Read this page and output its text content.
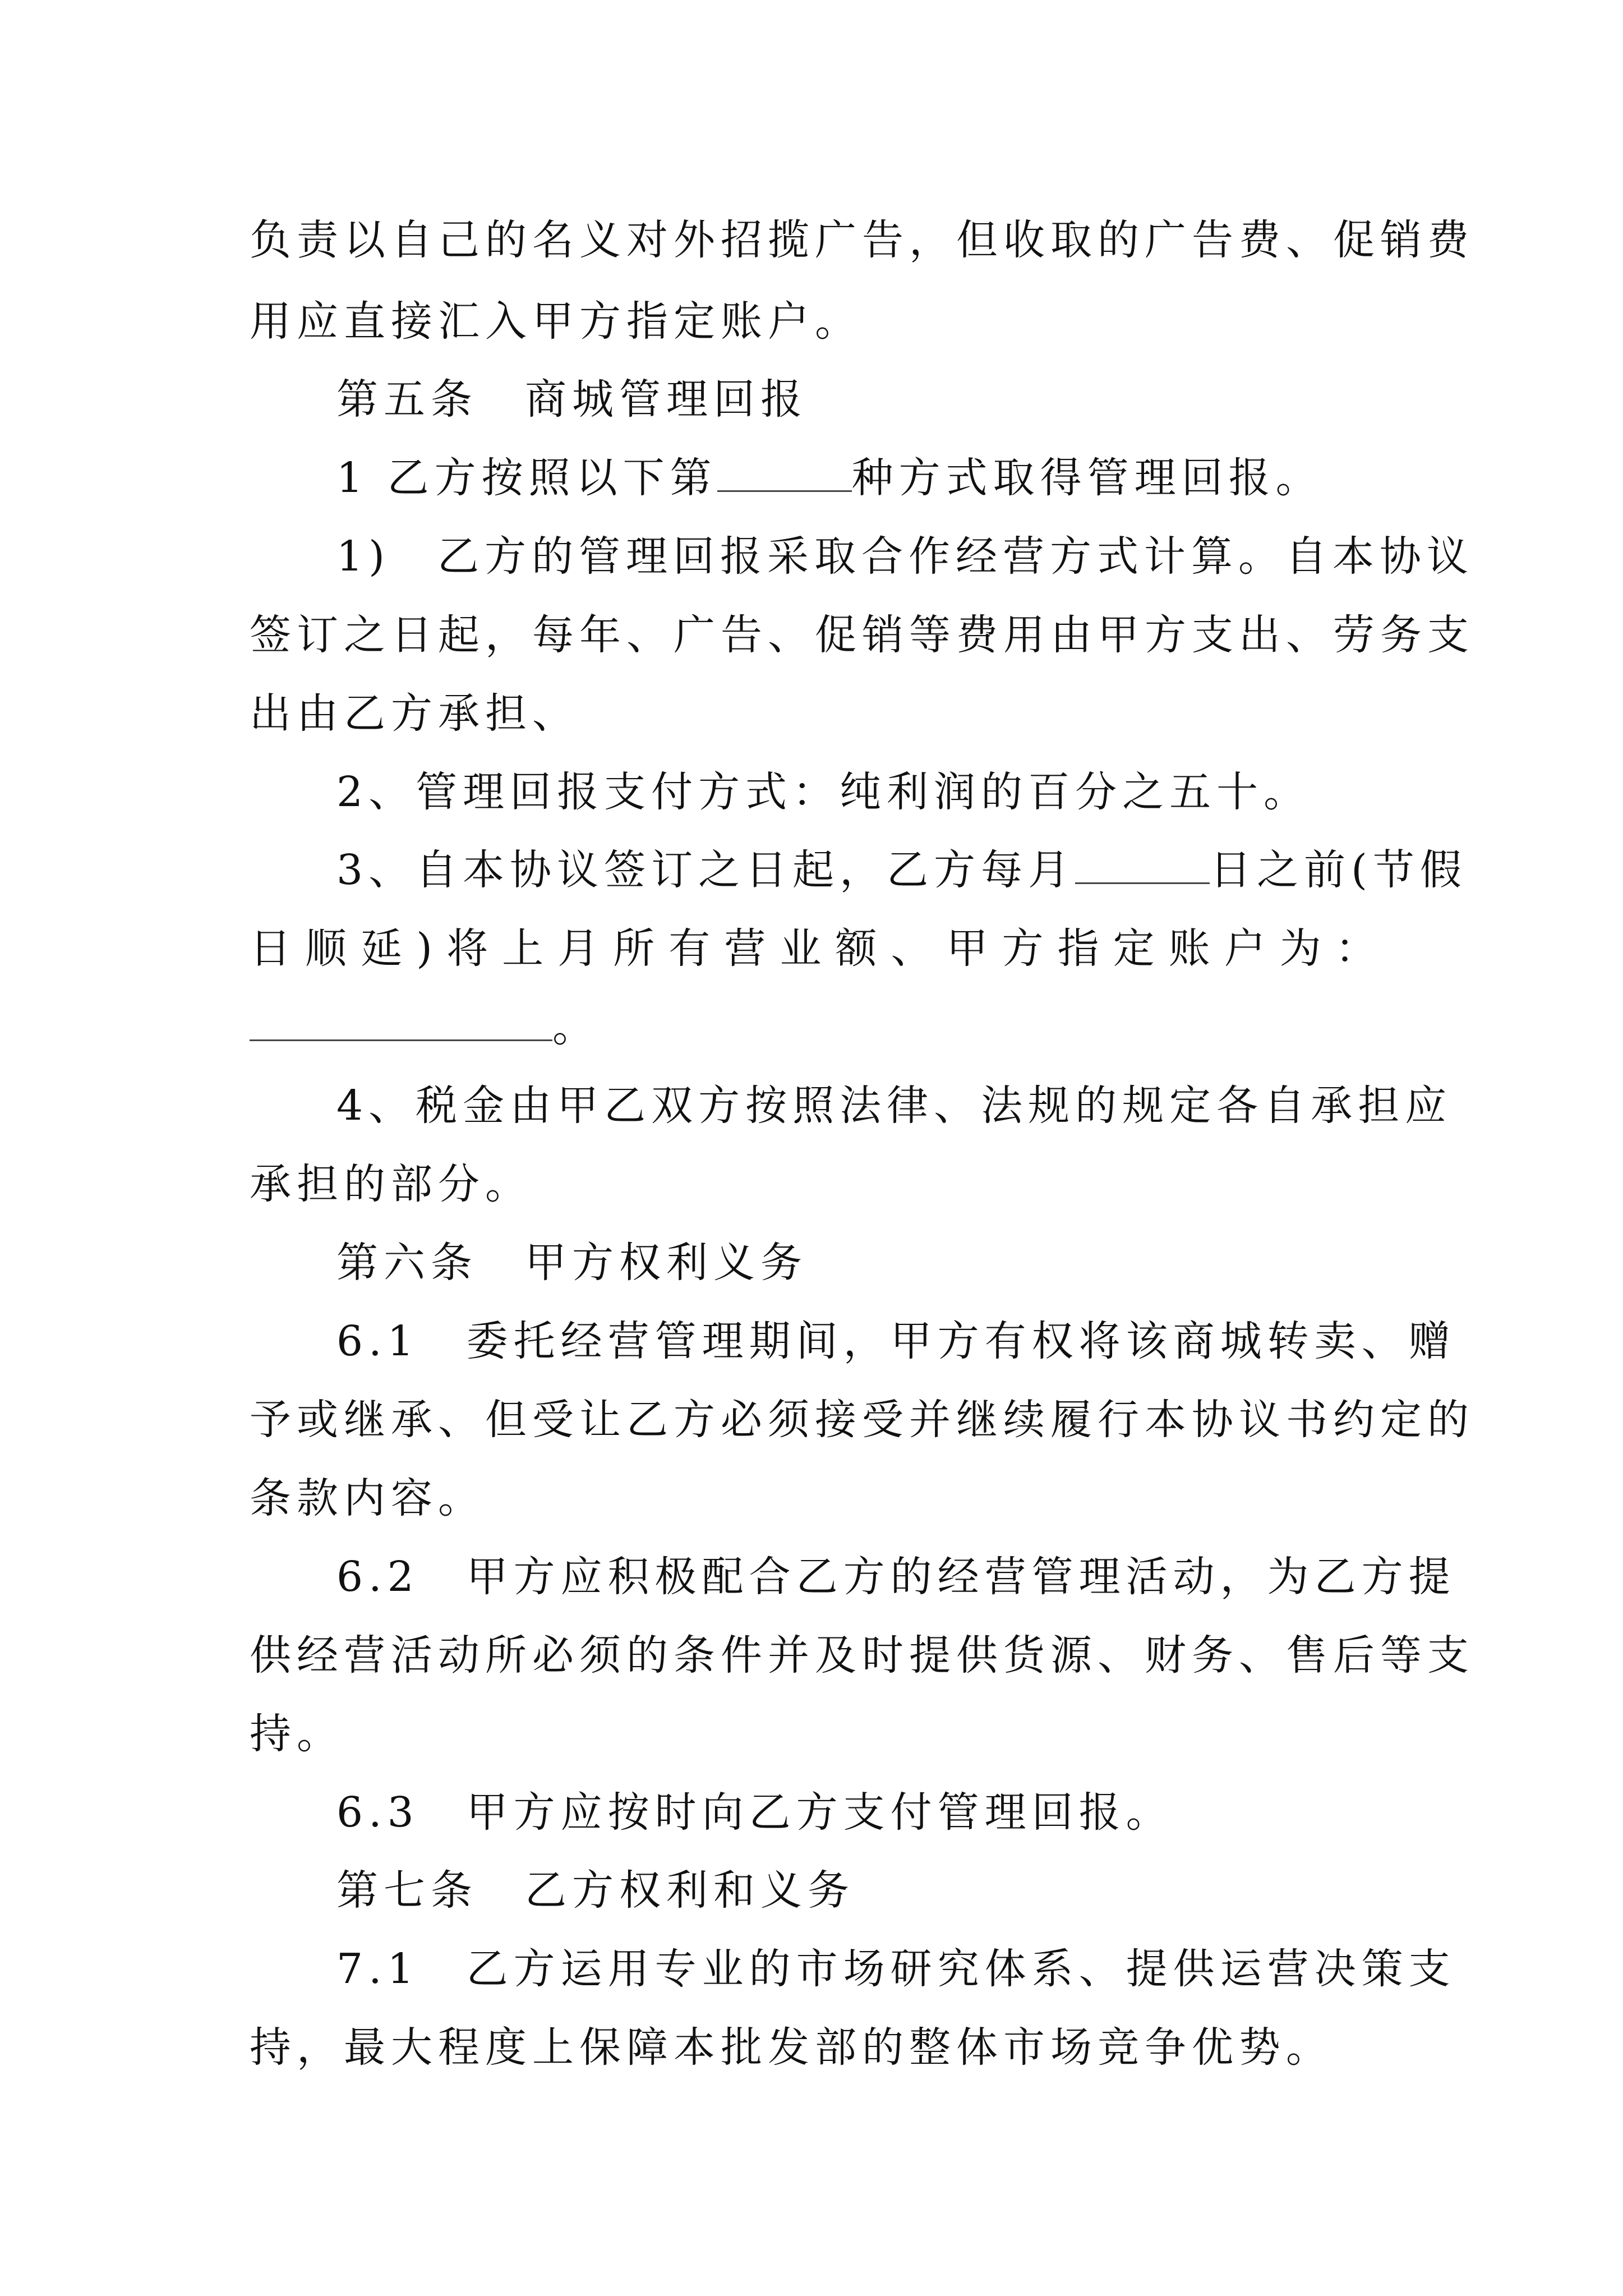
负责以自己的名义对外招揽广告，但收取的广告费、促销费
用应直接汇入甲方指定账户。
第五条　商城管理回报
1 乙方按照以下第	种方式取得管理回报。
1)　乙方的管理回报采取合作经营方式计算。自本协议
签订之日起，每年、广告、促销等费用由甲方支出、劳务支
出由乙方承担、
2、管理回报支付方式：纯利润的百分之五十。
3、自本协议签订之日起，乙方每月	日之前(节假
日 顺 延 ) 将 上 月 所 有 营 业 额 、 甲 方 指 定 账 户 为 ：
。
4、税金由甲乙双方按照法律、法规的规定各自承担应
承担的部分。
第六条　甲方权利义务
6.1　委托经营管理期间，甲方有权将该商城转卖、赠
予或继承、但受让乙方必须接受并继续履行本协议书约定的
条款内容。
6.2　甲方应积极配合乙方的经营管理活动，为乙方提
供经营活动所必须的条件并及时提供货源、财务、售后等支
持。
6.3　甲方应按时向乙方支付管理回报。
第七条　乙方权利和义务
7.1　乙方运用专业的市场研究体系、提供运营决策支
持，最大程度上保障本批发部的整体市场竞争优势。
